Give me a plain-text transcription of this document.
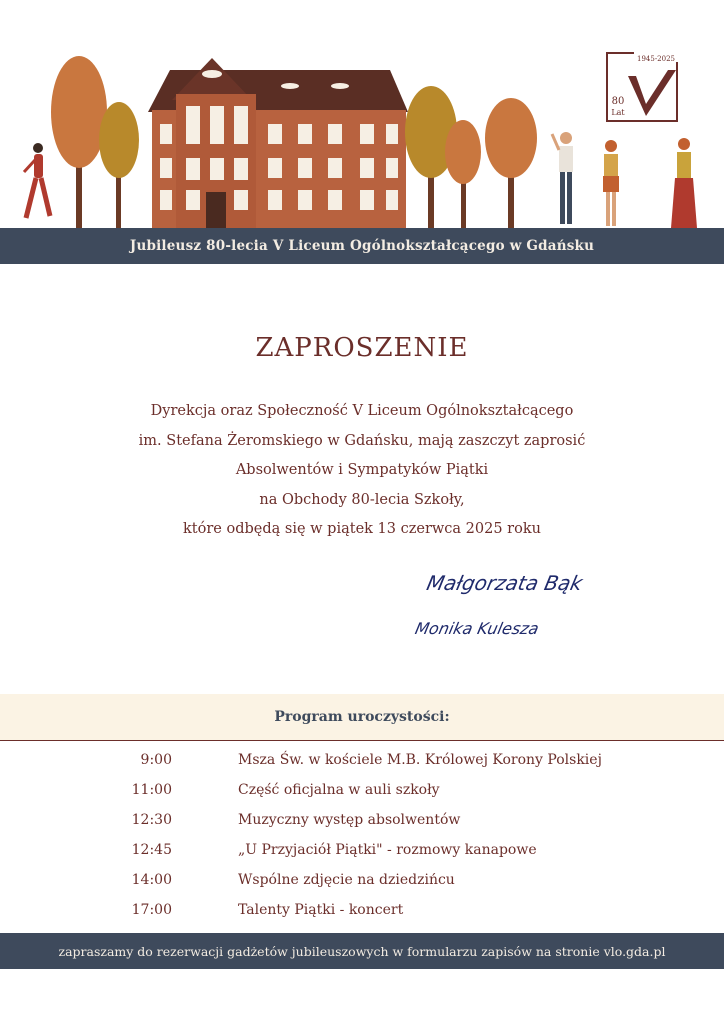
1945-2025
80
Lat
Jubileusz 80-lecia V Liceum Ogólnokształcącego w Gdańsku
ZAPROSZENIE
Dyrekcja oraz Społeczność V Liceum Ogólnokształcącego
im. Stefana Żeromskiego w Gdańsku, mają zaszczyt zaprosić
Absolwentów i Sympatyków Piątki
na Obchody 80-lecia Szkoły,
które odbędą się w piątek 13 czerwca 2025 roku
Małgorzata Bąk
Monika Kulesza
Program uroczystości:
9:00	Msza Św. w kościele M.B. Królowej Korony Polskiej
11:00	Część oficjalna w auli szkoły
12:30	Muzyczny występ absolwentów
12:45	„U Przyjaciół Piątki" - rozmowy kanapowe
14:00	Wspólne zdjęcie na dziedzińcu
17:00	Talenty Piątki - koncert
zapraszamy do rezerwacji gadżetów jubileuszowych w formularzu zapisów na stronie vlo.gda.pl
